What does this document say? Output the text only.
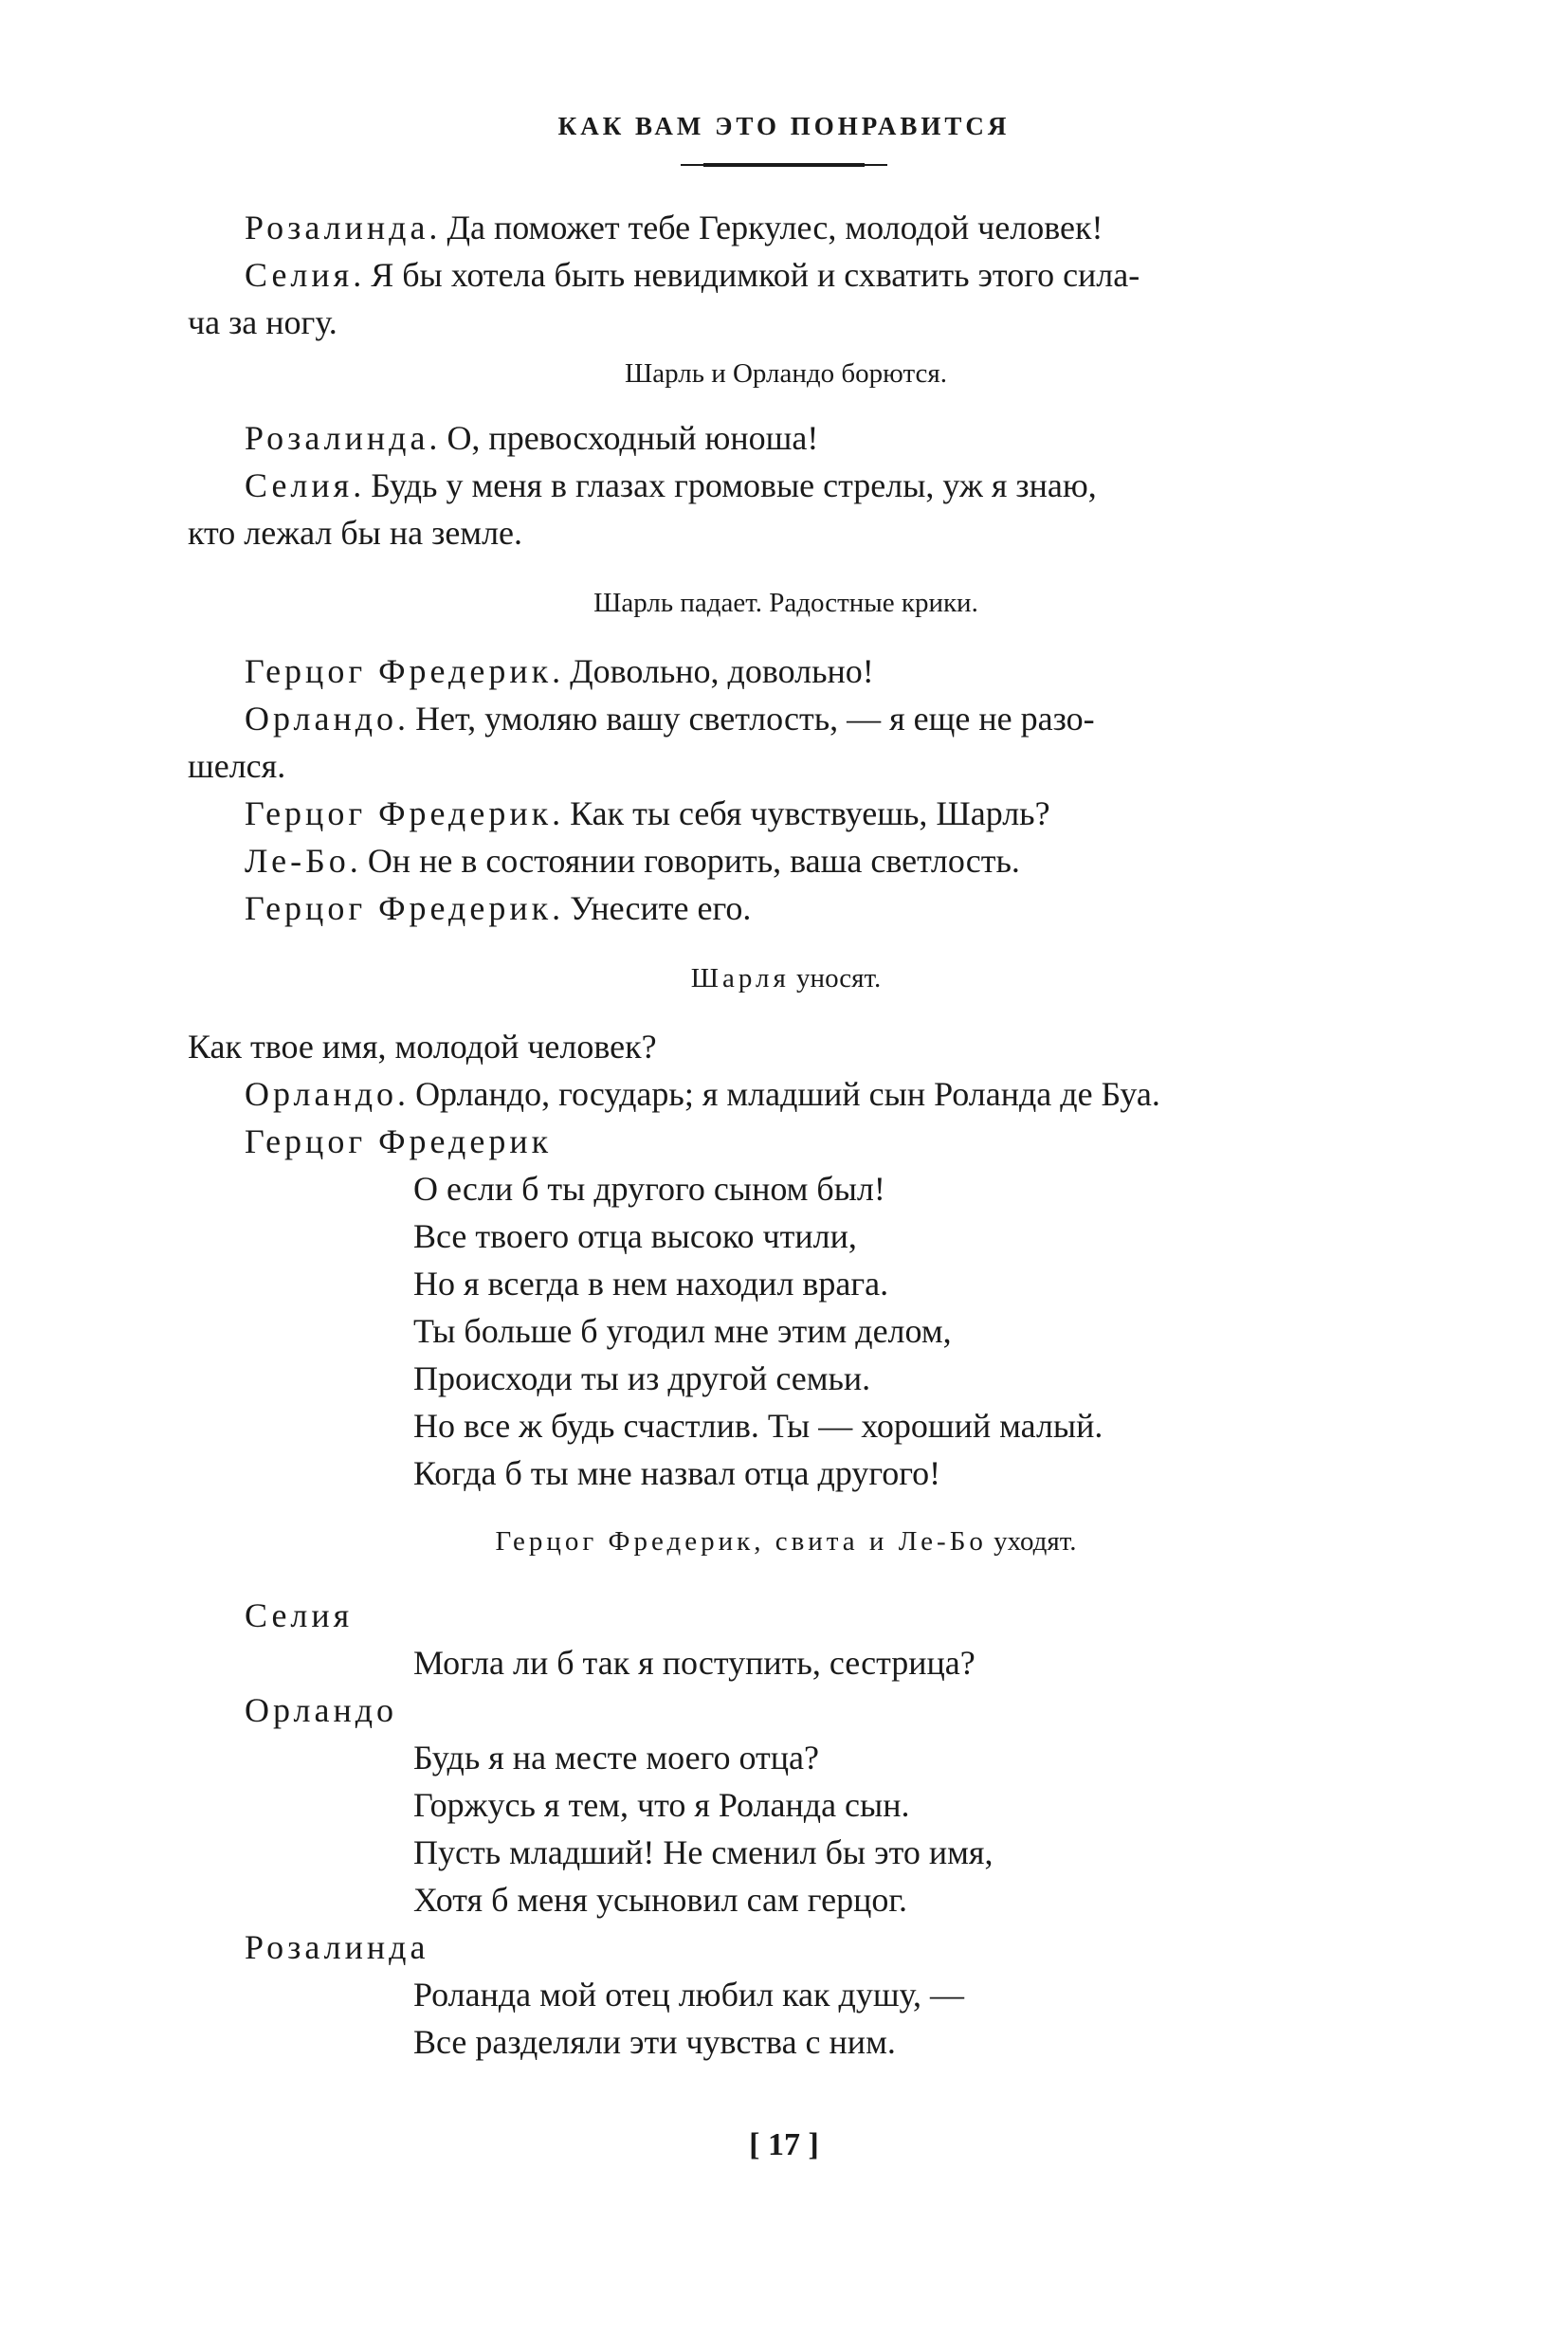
КАК ВАМ ЭТО ПОНРАВИТСЯ
Розалинда. Да поможет тебе Геркулес, молодой человек!
Селия. Я бы хотела быть невидимкой и схватить этого сила-
ча за ногу.
Шарль и Орландо борются.
Розалинда. О, превосходный юноша!
Селия. Будь у меня в глазах громовые стрелы, уж я знаю,
кто лежал бы на земле.
Шарль падает. Радостные крики.
Герцог Фредерик. Довольно, довольно!
Орландо. Нет, умоляю вашу светлость, — я еще не разо-
шелся.
Герцог Фредерик. Как ты себя чувствуешь, Шарль?
Ле-Бо. Он не в состоянии говорить, ваша светлость.
Герцог Фредерик. Унесите его.
Шарля уносят.
Как твое имя, молодой человек?
Орландо. Орландо, государь; я младший сын Роланда де Буа.
Герцог Фредерик
О если б ты другого сыном был!
Все твоего отца высоко чтили,
Но я всегда в нем находил врага.
Ты больше б угодил мне этим делом,
Происходи ты из другой семьи.
Но все ж будь счастлив. Ты — хороший малый.
Когда б ты мне назвал отца другого!
Герцог Фредерик, свита и Ле-Бо уходят.
Селия
Могла ли б так я поступить, сестрица?
Орландо
Будь я на месте моего отца?
Горжусь я тем, что я Роланда сын.
Пусть младший! Не сменил бы это имя,
Хотя б меня усыновил сам герцог.
Розалинда
Роланда мой отец любил как душу, —
Все разделяли эти чувства с ним.
[ 17 ]
